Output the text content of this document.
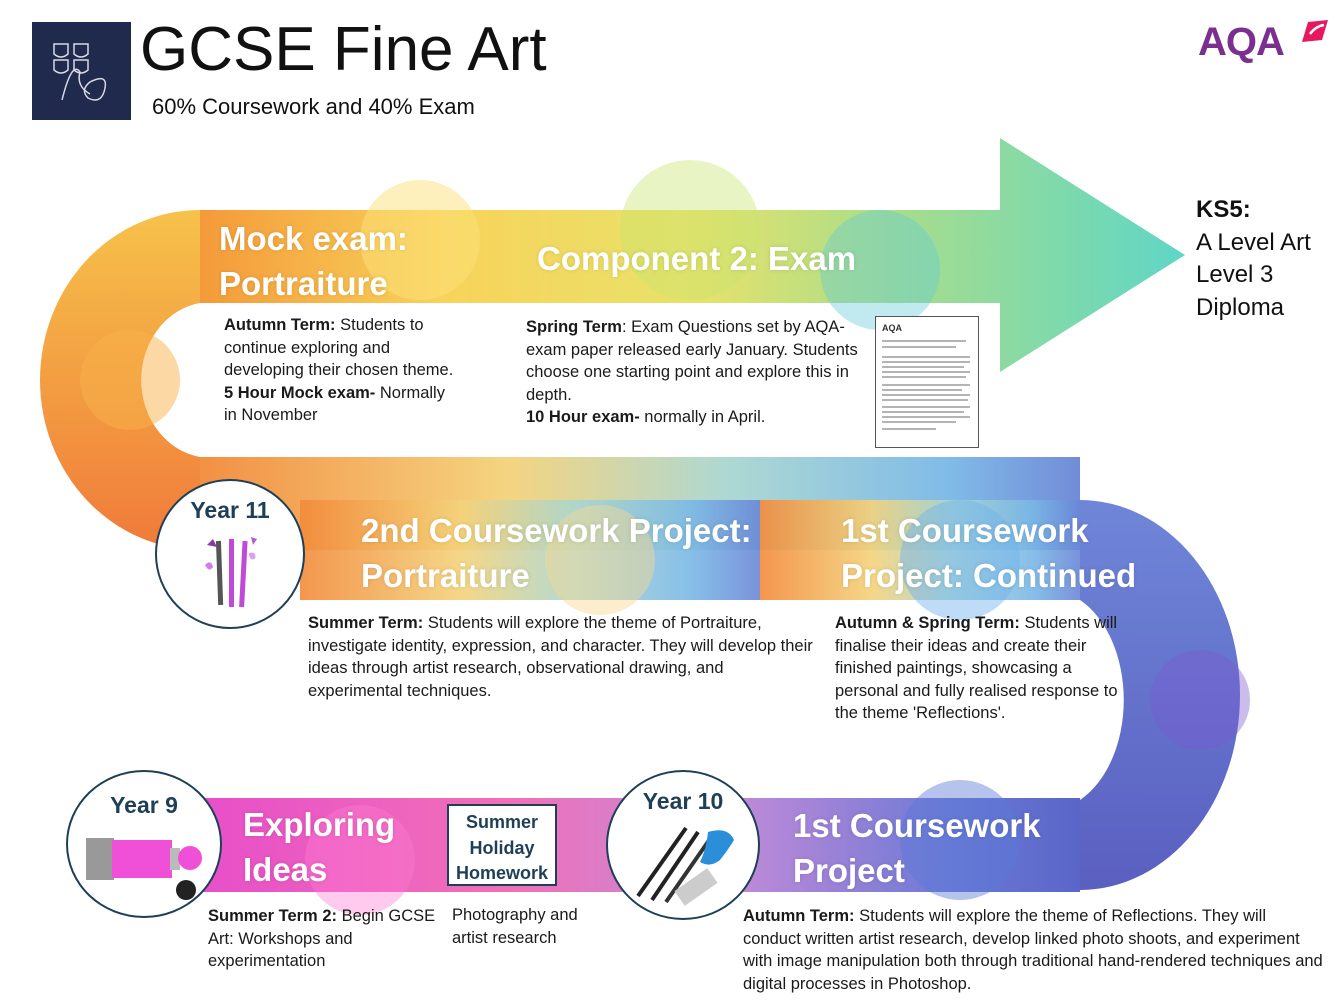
GCSE Fine Art
60% Coursework and 40% Exam
AQA
KS5:
A Level Art
Level 3
Diploma
Mock exam:
Portraiture
Autumn Term: Students to continue exploring and developing their chosen theme.
5 Hour Mock exam- Normally in November
Component 2: Exam
Spring Term: Exam Questions set by AQA- exam paper released early January. Students choose one starting point and explore this in depth.
10 Hour exam- normally in April.
AQA
Year 11
2nd Coursework Project:
Portraiture
Summer Term: Students will explore the theme of Portraiture, investigate identity, expression, and character. They will develop their ideas through artist research, observational drawing, and experimental techniques.
1st Coursework
Project: Continued
Autumn & Spring Term: Students will finalise their ideas and create their finished paintings, showcasing a personal and fully realised response to the theme 'Reflections'.
Year 9
Exploring
Ideas
Summer Term 2: Begin GCSE Art: Workshops and experimentation
Summer
Holiday
Homework
Photography and artist research
Year 10
1st Coursework
Project
Autumn Term: Students will explore the theme of Reflections. They will conduct written artist research, develop linked photo shoots, and experiment with image manipulation both through traditional hand-rendered techniques and digital processes in Photoshop.
